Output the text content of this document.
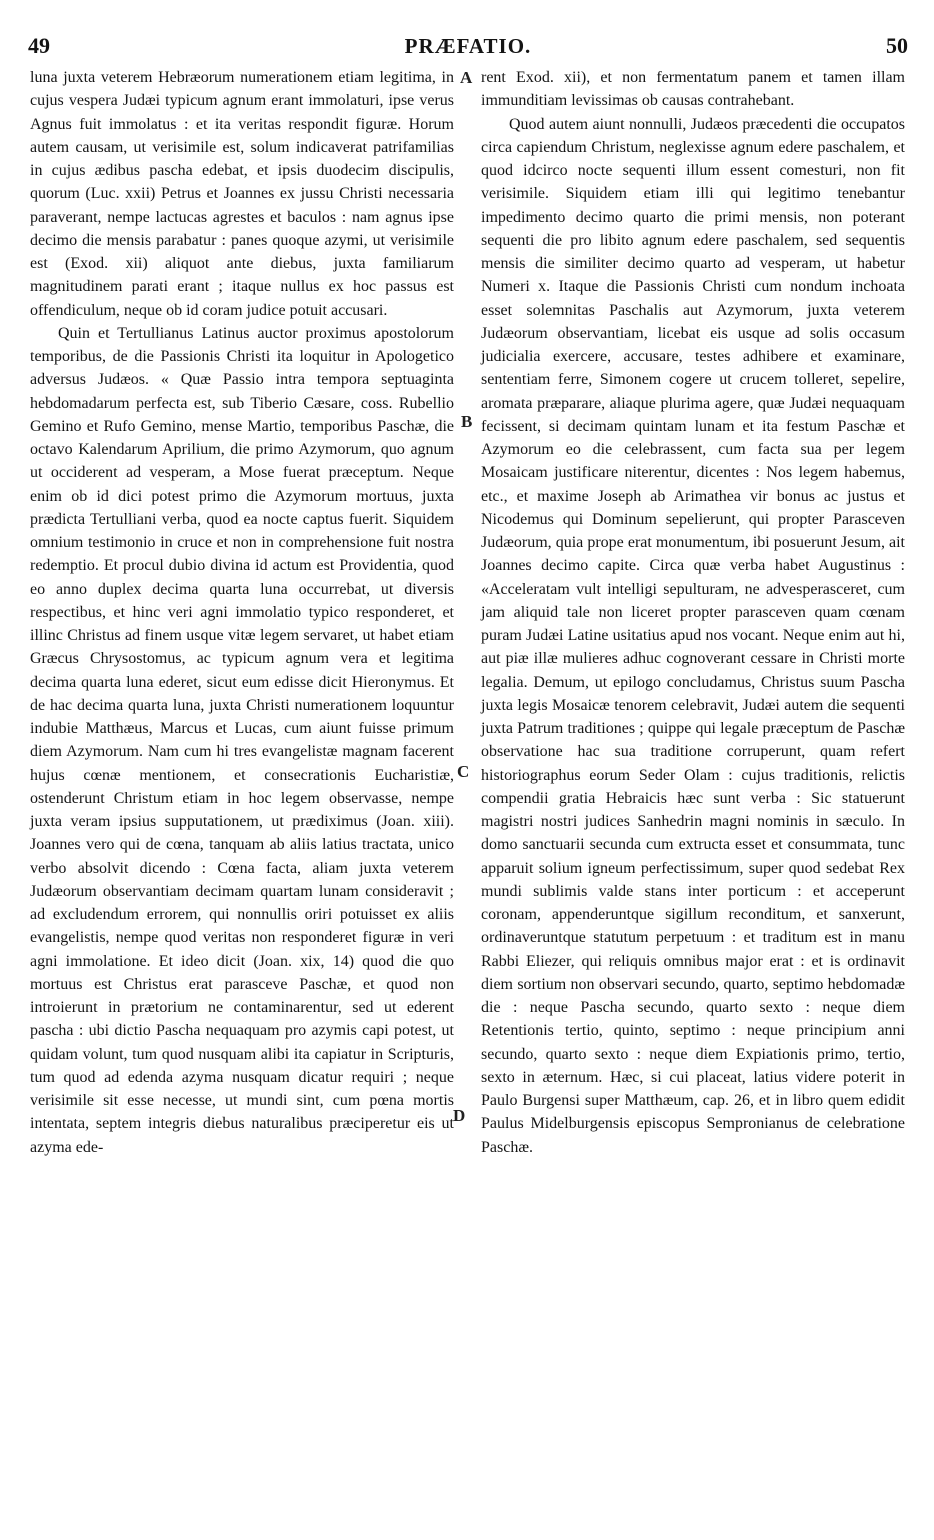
49	PRÆFATIO.	50

luna juxta veterem Hebræorum numerationem etiam legitima, in cujus vespera Judæi typicum agnum erant immolaturi, ipse verus Agnus fuit immolatus : et ita veritas respondit figuræ. Horum autem causam, ut verisimile est, solum indicaverat patrifamilias in cujus ædibus pascha edebat, et ipsis duodecim discipulis, quorum (Luc. xxii) Petrus et Joannes ex jussu Christi necessaria paraverant, nempe lactucas agrestes et baculos : nam agnus ipse decimo die mensis parabatur : panes quoque azymi, ut verisimile est (Exod. xii) aliquot ante diebus, juxta familiarum magnitudinem parati erant ; itaque nullus ex hoc passus est offendiculum, neque ob id coram judice potuit accusari.

Quin et Tertullianus Latinus auctor proximus apostolorum temporibus, de die Passionis Christi ita loquitur in Apologetico adversus Judæos. « Quæ Passio intra tempora septuaginta hebdomadarum perfecta est, sub Tiberio Cæsare, coss. Rubellio Gemino et Rufo Gemino, mense Martio, temporibus Paschæ, die octavo Kalendarum Aprilium, die primo Azymorum, quo agnum ut occiderent ad vesperam, a Mose fuerat præceptum. Neque enim ob id dici potest primo die Azymorum mortuus, juxta prædicta Tertulliani verba, quod ea nocte captus fuerit. Siquidem omnium testimonio in cruce et non in comprehensione fuit nostra redemptio. Et procul dubio divina id actum est Providentia, quod eo anno duplex decima quarta luna occurrebat, ut diversis respectibus, et hinc veri agni immolatio typico responderet, et illinc Christus ad finem usque vitæ legem servaret, ut habet etiam Græcus Chrysostomus, ac typicum agnum vera et legitima decima quarta luna ederet, sicut eum edisse dicit Hieronymus. Et de hac decima quarta luna, juxta Christi numerationem loquuntur indubie Matthæus, Marcus et Lucas, cum aiunt fuisse primum diem Azymorum. Nam cum hi tres evangelistæ magnam facerent hujus cœnæ mentionem, et consecrationis Eucharistiæ, ostenderunt Christum etiam in hoc legem observasse, nempe juxta veram ipsius supputationem, ut prædiximus (Joan. xiii). Joannes vero qui de cœna, tanquam ab aliis latius tractata, unico verbo absolvit dicendo : Cœna facta, aliam juxta veterem Judæorum observantiam decimam quartam lunam consideravit ; ad excludendum errorem, qui nonnullis oriri potuisset ex aliis evangelistis, nempe quod veritas non responderet figuræ in veri agni immolatione. Et ideo dicit (Joan. xix, 14) quod die quo mortuus est Christus erat parasceve Paschæ, et quod non introierunt in prætorium ne contaminarentur, sed ut ederent pascha : ubi dictio Pascha nequaquam pro azymis capi potest, ut quidam volunt, tum quod nusquam alibi ita capiatur in Scripturis, tum quod ad edenda azyma nusquam dicatur requiri ; neque verisimile sit esse necesse, ut mundi sint, cum pœna mortis intentata, septem integris diebus naturalibus præciperetur eis ut azyma ede-

rent Exod. xii), et non fermentatum panem et tamen illam immunditiam levissimas ob causas contrahebant.

Quod autem aiunt nonnulli, Judæos præcedenti die occupatos circa capiendum Christum, neglexisse agnum edere paschalem, et quod idcirco nocte sequenti illum essent comesturi, non fit verisimile. Siquidem etiam illi qui legitimo tenebantur impedimento decimo quarto die primi mensis, non poterant sequenti die pro libito agnum edere paschalem, sed sequentis mensis die similiter decimo quarto ad vesperam, ut habetur Numeri x. Itaque die Passionis Christi cum nondum inchoata esset solemnitas Paschalis aut Azymorum, juxta veterem Judæorum observantiam, licebat eis usque ad solis occasum judicialia exercere, accusare, testes adhibere et examinare, sententiam ferre, Simonem cogere ut crucem tolleret, sepelire, aromata præparare, aliaque plurima agere, quæ Judæi nequaquam fecissent, si decimam quintam lunam et ita festum Paschæ et Azymorum eo die celebrassent, cum facta sua per legem Mosaicam justificare niterentur, dicentes : Nos legem habemus, etc., et maxime Joseph ab Arimathea vir bonus ac justus et Nicodemus qui Dominum sepelierunt, qui propter Parasceven Judæorum, quia prope erat monumentum, ibi posuerunt Jesum, ait Joannes decimo capite. Circa quæ verba habet Augustinus : «Acceleratam vult intelligi sepulturam, ne advesperasceret, cum jam aliquid tale non liceret propter parasceven quam cœnam puram Judæi Latine usitatius apud nos vocant. Neque enim aut hi, aut piæ illæ mulieres adhuc cognoverant cessare in Christi morte legalia. Demum, ut epilogo concludamus, Christus suum Pascha juxta legis Mosaicæ tenorem celebravit, Judæi autem die sequenti juxta Patrum traditiones ; quippe qui legale præceptum de Paschæ observatione hac sua traditione corruperunt, quam refert historiographus eorum Seder Olam : cujus traditionis, relictis compendii gratia Hebraicis hæc sunt verba : Sic statuerunt magistri nostri judices Sanhedrin magni nominis in sæculo. In domo sanctuarii secunda cum extructa esset et consummata, tunc apparuit solium igneum perfectissimum, super quod sedebat Rex mundi sublimis valde stans inter porticum : et acceperunt coronam, appenderuntque sigillum reconditum, et sanxerunt, ordinaveruntque statutum perpetuum : et traditum est in manu Rabbi Eliezer, qui reliquis omnibus major erat : et is ordinavit diem sortium non observari secundo, quarto, septimo hebdomadæ die : neque Pascha secundo, quarto sexto : neque diem Retentionis tertio, quinto, septimo : neque principium anni secundo, quarto sexto : neque diem Expiationis primo, tertio, sexto in æternum. Hæc, si cui placeat, latius videre poterit in Paulo Burgensi super Matthæum, cap. 26, et in libro quem edidit Paulus Midelburgensis episcopus Sempronianus de celebratione Paschæ.

A
B
C
D
